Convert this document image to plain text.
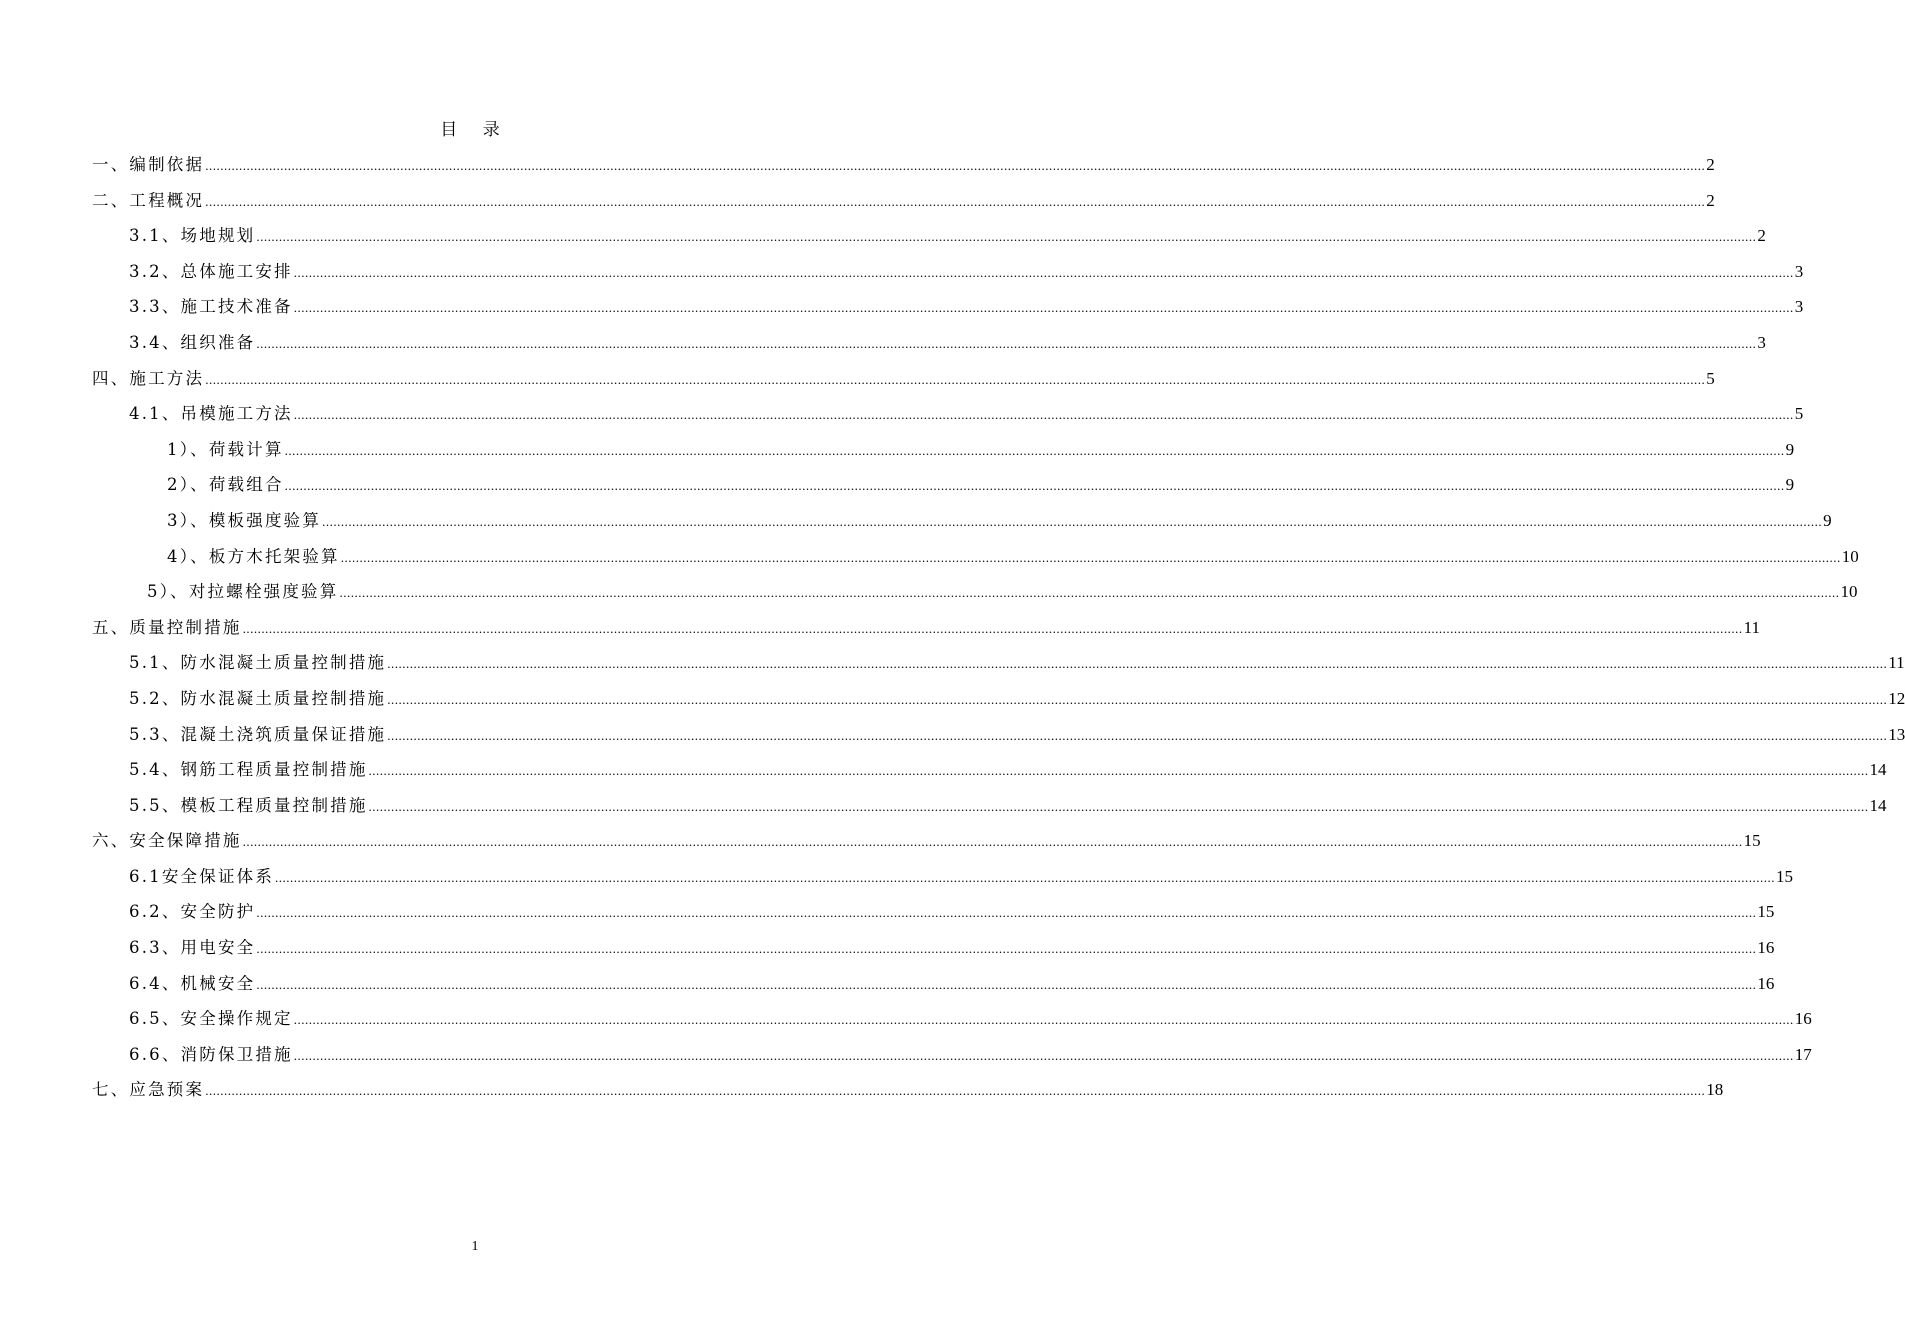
目 录
一、编制依据 ................................................................................................................................................................................................................................................................................................................................................................................................................ 2
二、工程概况 ................................................................................................................................................................................................................................................................................................................................................................................................................ 2
3.1、场地规划 ................................................................................................................................................................................................................................................................................................................................................................................................................ 2
3.2、总体施工安排 ................................................................................................................................................................................................................................................................................................................................................................................................................ 3
3.3、施工技术准备 ................................................................................................................................................................................................................................................................................................................................................................................................................ 3
3.4、组织准备 ................................................................................................................................................................................................................................................................................................................................................................................................................ 3
四、施工方法 ................................................................................................................................................................................................................................................................................................................................................................................................................ 5
4.1、吊模施工方法 ................................................................................................................................................................................................................................................................................................................................................................................................................ 5
1）、荷载计算 ................................................................................................................................................................................................................................................................................................................................................................................................................ 9
2）、荷载组合 ................................................................................................................................................................................................................................................................................................................................................................................................................ 9
3）、模板强度验算 ................................................................................................................................................................................................................................................................................................................................................................................................................ 9
4）、板方木托架验算 ................................................................................................................................................................................................................................................................................................................................................................................................................ 10
5）、对拉螺栓强度验算 ................................................................................................................................................................................................................................................................................................................................................................................................................ 10
五、质量控制措施 ................................................................................................................................................................................................................................................................................................................................................................................................................ 11
5.1、防水混凝土质量控制措施 ................................................................................................................................................................................................................................................................................................................................................................................................................ 11
5.2、防水混凝土质量控制措施 ................................................................................................................................................................................................................................................................................................................................................................................................................ 12
5.3、混凝土浇筑质量保证措施 ................................................................................................................................................................................................................................................................................................................................................................................................................ 13
5.4、钢筋工程质量控制措施 ................................................................................................................................................................................................................................................................................................................................................................................................................ 14
5.5、模板工程质量控制措施 ................................................................................................................................................................................................................................................................................................................................................................................................................ 14
六、安全保障措施 ................................................................................................................................................................................................................................................................................................................................................................................................................ 15
6.1安全保证体系 ................................................................................................................................................................................................................................................................................................................................................................................................................ 15
6.2、安全防护 ................................................................................................................................................................................................................................................................................................................................................................................................................ 15
6.3、用电安全 ................................................................................................................................................................................................................................................................................................................................................................................................................ 16
6.4、机械安全 ................................................................................................................................................................................................................................................................................................................................................................................................................ 16
6.5、安全操作规定 ................................................................................................................................................................................................................................................................................................................................................................................................................ 16
6.6、消防保卫措施 ................................................................................................................................................................................................................................................................................................................................................................................................................ 17
七、应急预案 ................................................................................................................................................................................................................................................................................................................................................................................................................ 18
1
